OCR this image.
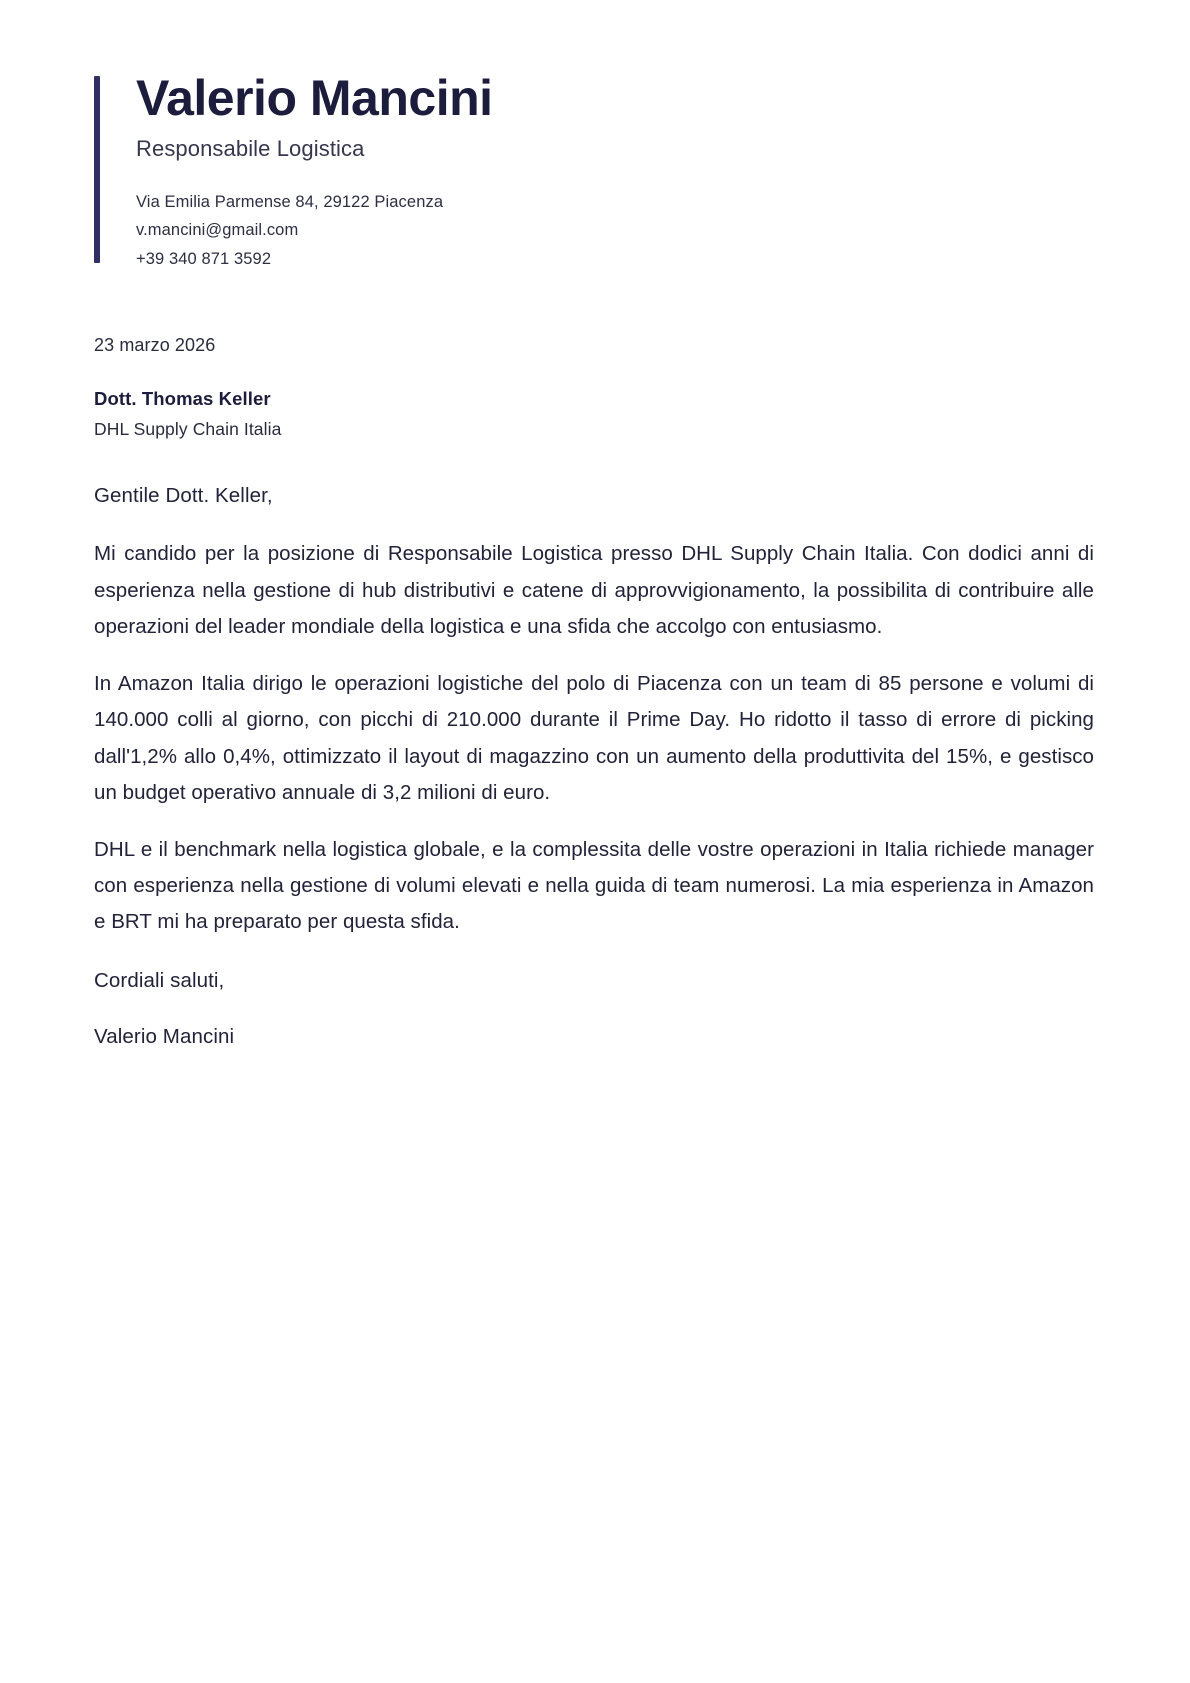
Valerio Mancini
Responsabile Logistica
Via Emilia Parmense 84, 29122 Piacenza
v.mancini@gmail.com
+39 340 871 3592
23 marzo 2026
Dott. Thomas Keller
DHL Supply Chain Italia
Gentile Dott. Keller,

Mi candido per la posizione di Responsabile Logistica presso DHL Supply Chain Italia. Con dodici anni di esperienza nella gestione di hub distributivi e catene di approvvigionamento, la possibilita di contribuire alle operazioni del leader mondiale della logistica e una sfida che accolgo con entusiasmo.

In Amazon Italia dirigo le operazioni logistiche del polo di Piacenza con un team di 85 persone e volumi di 140.000 colli al giorno, con picchi di 210.000 durante il Prime Day. Ho ridotto il tasso di errore di picking dall'1,2% allo 0,4%, ottimizzato il layout di magazzino con un aumento della produttivita del 15%, e gestisco un budget operativo annuale di 3,2 milioni di euro.

DHL e il benchmark nella logistica globale, e la complessita delle vostre operazioni in Italia richiede manager con esperienza nella gestione di volumi elevati e nella guida di team numerosi. La mia esperienza in Amazon e BRT mi ha preparato per questa sfida.

Cordiali saluti,
Valerio Mancini
